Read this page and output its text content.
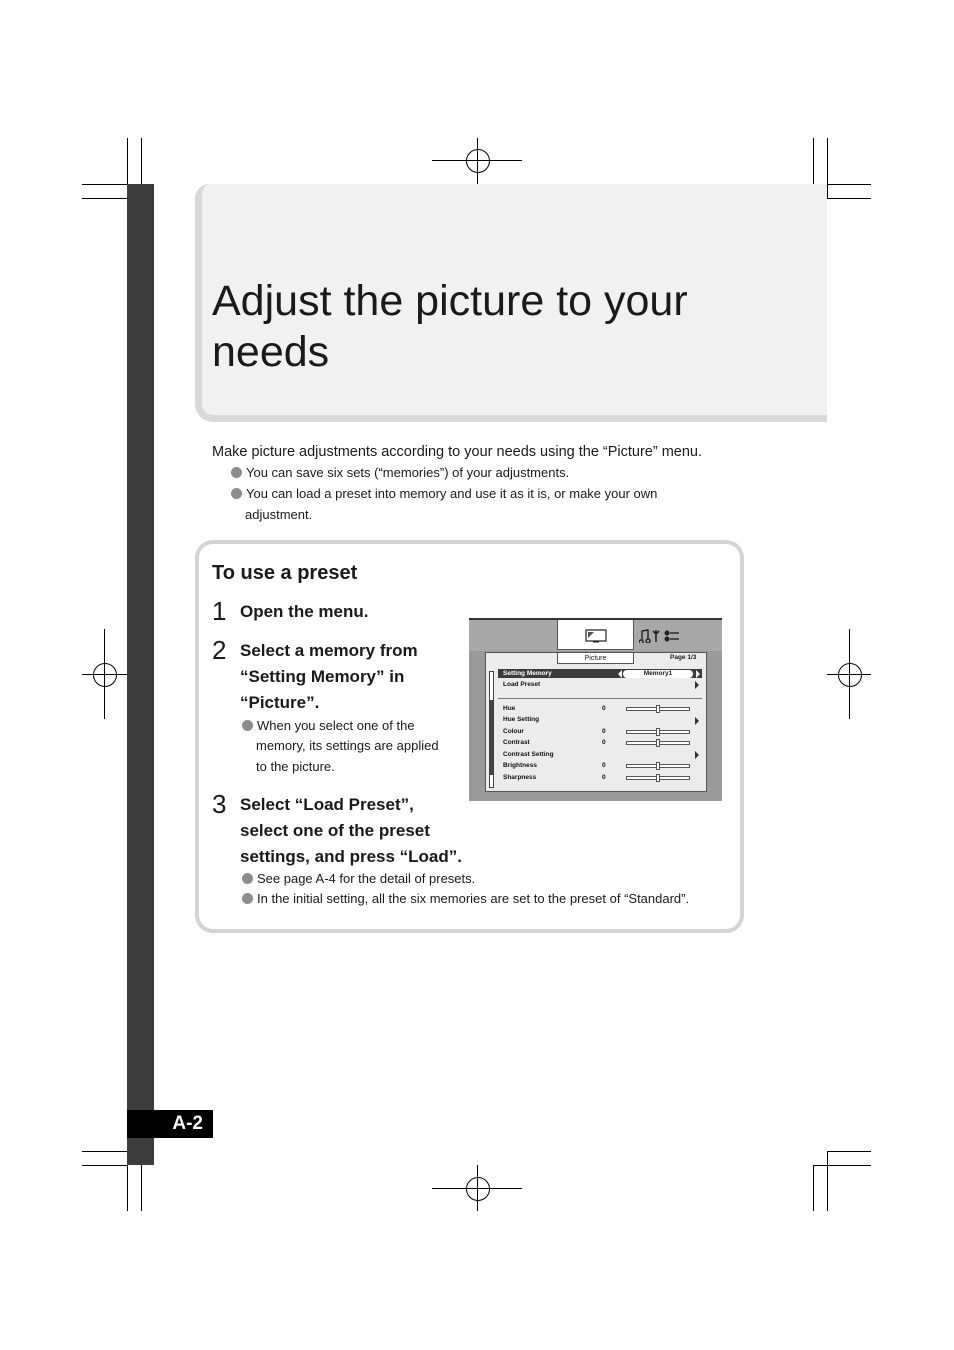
A-2
Adjust the picture to your needs
Make picture adjustments according to your needs using the “Picture” menu.
You can save six sets (“memories”) of your adjustments.
You can load a preset into memory and use it as it is, or make your own
adjustment.
To use a preset
1 Open the menu.
2 Select a memory from
“Setting Memory” in
“Picture”.
When you select one of the
memory, its settings are applied
to the picture.
3 Select “Load Preset”,
select one of the preset
settings, and press “Load”.
See page A-4 for the detail of presets.
In the initial setting, all the six memories are set to the preset of “Standard”.
Page 1/3
Setting Memory	Memory1
Load Preset
Hue	0
Hue Setting
Colour	0
Contrast	0
Contrast Setting
Brightness	0
Sharpness	0
Picture
